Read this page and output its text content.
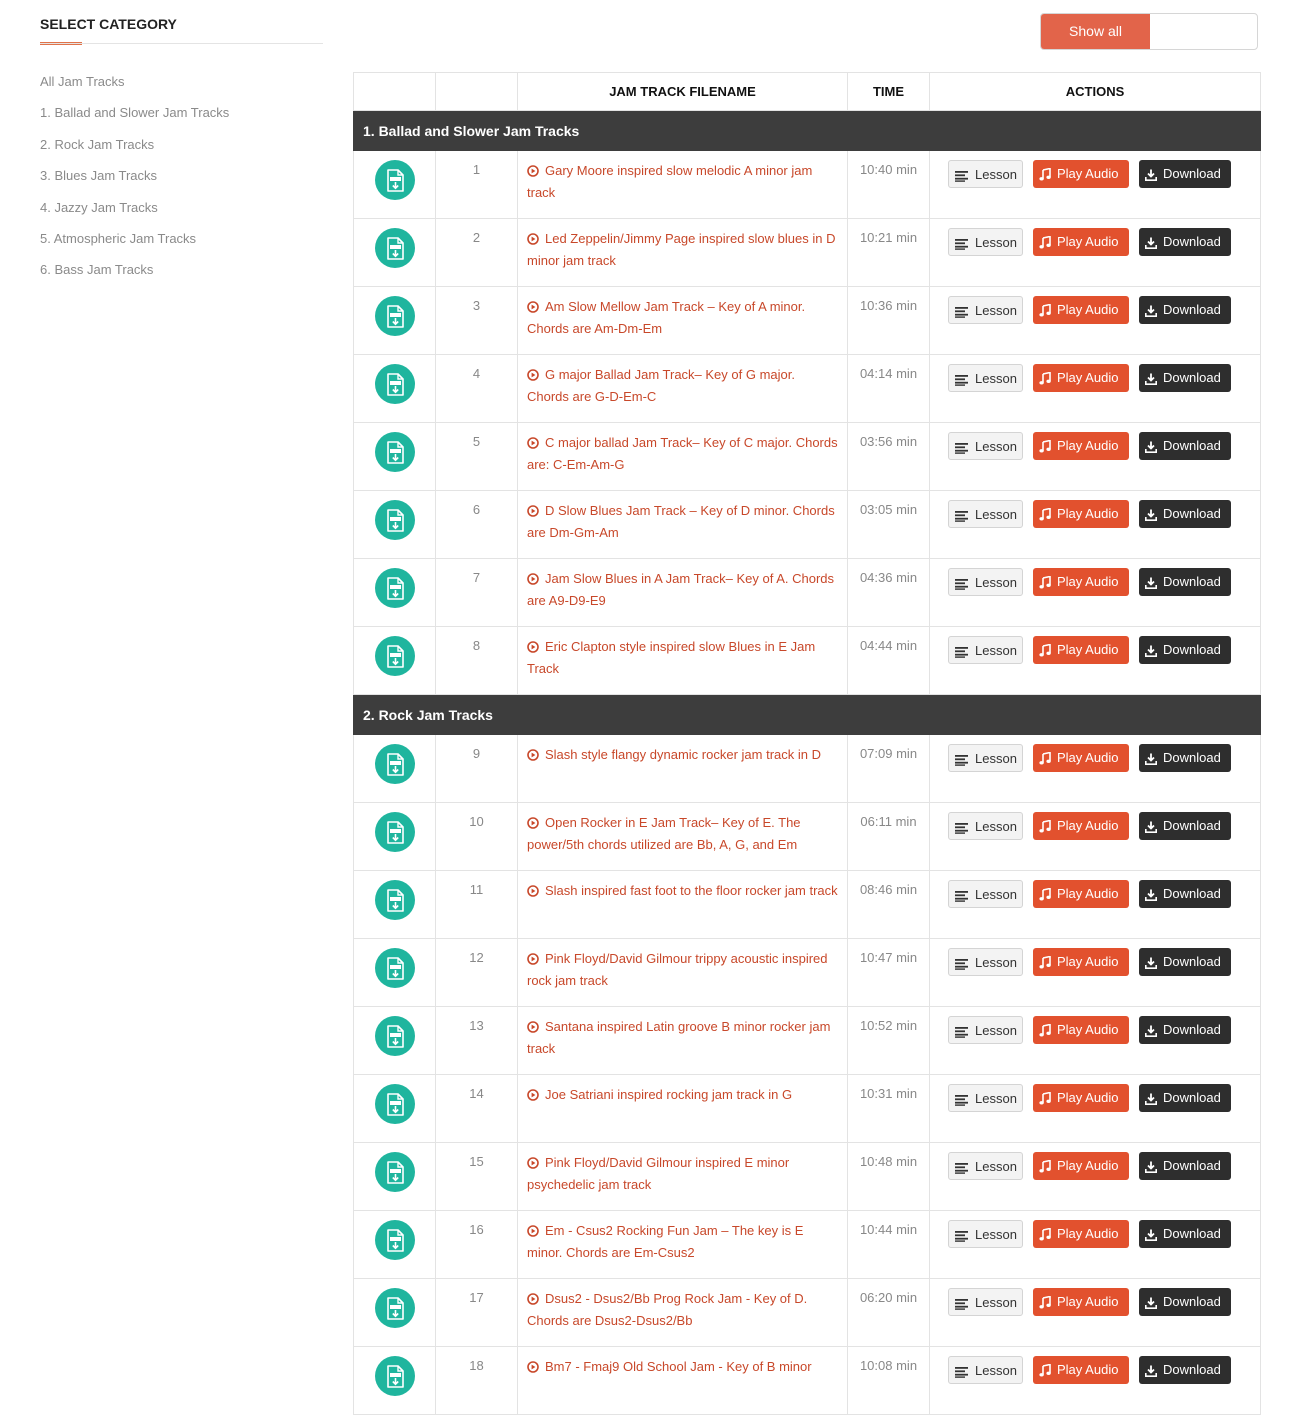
SELECT CATEGORY
All Jam Tracks
1. Ballad and Slower Jam Tracks
2. Rock Jam Tracks
3. Blues Jam Tracks
4. Jazzy Jam Tracks
5. Atmospheric Jam Tracks
6. Bass Jam Tracks
Show all
		JAM TRACK FILENAME	TIME	ACTIONS
1. Ballad and Slower Jam Tracks				

	1	Gary Moore inspired slow melodic A minor jam track	10:40 min	Lesson Play Audio Download

	2	Led Zeppelin/Jimmy Page inspired slow blues in D minor jam track	10:21 min	Lesson Play Audio Download

	3	Am Slow Mellow Jam Track – Key of A minor. Chords are Am-Dm-Em	10:36 min	Lesson Play Audio Download

	4	G major Ballad Jam Track– Key of G major. Chords are G-D-Em-C	04:14 min	Lesson Play Audio Download

	5	C major ballad Jam Track– Key of C major. Chords are: C-Em-Am-G	03:56 min	Lesson Play Audio Download

	6	D Slow Blues Jam Track – Key of D minor. Chords are Dm-Gm-Am	03:05 min	Lesson Play Audio Download

	7	Jam Slow Blues in A Jam Track– Key of A. Chords are A9-D9-E9	04:36 min	Lesson Play Audio Download

	8	Eric Clapton style inspired slow Blues in E Jam Track	04:44 min	Lesson Play Audio Download
2. Rock Jam Tracks				

	9	Slash style flangy dynamic rocker jam track in D	07:09 min	Lesson Play Audio Download

	10	Open Rocker in E Jam Track– Key of E. The power/5th chords utilized are Bb, A, G, and Em	06:11 min	Lesson Play Audio Download

	11	Slash inspired fast foot to the floor rocker jam track	08:46 min	Lesson Play Audio Download

	12	Pink Floyd/David Gilmour trippy acoustic inspired rock jam track	10:47 min	Lesson Play Audio Download

	13	Santana inspired Latin groove B minor rocker jam track	10:52 min	Lesson Play Audio Download

	14	Joe Satriani inspired rocking jam track in G	10:31 min	Lesson Play Audio Download

	15	Pink Floyd/David Gilmour inspired E minor psychedelic jam track	10:48 min	Lesson Play Audio Download

	16	Em - Csus2 Rocking Fun Jam – The key is E minor. Chords are Em-Csus2	10:44 min	Lesson Play Audio Download

	17	Dsus2 - Dsus2/Bb Prog Rock Jam - Key of D. Chords are Dsus2-Dsus2/Bb	06:20 min	Lesson Play Audio Download

	18	Bm7 - Fmaj9 Old School Jam - Key of B minor	10:08 min	Lesson Play Audio Download
